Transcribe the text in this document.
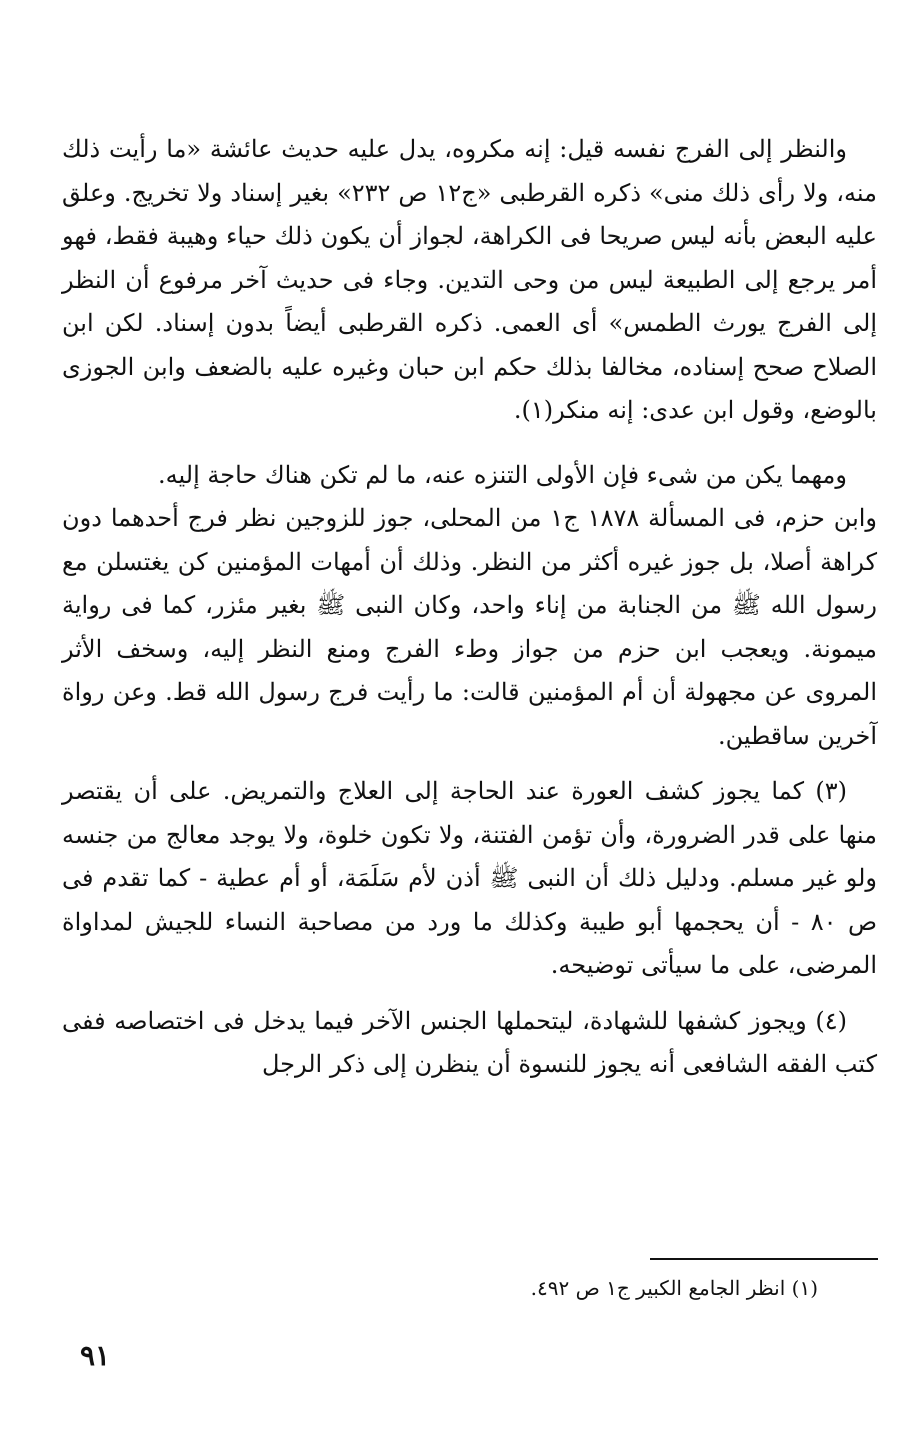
والنظر إلى الفرج نفسه قيل: إنه مكروه، يدل عليه حديث عائشة «ما رأيت ذلك منه، ولا رأى ذلك منى» ذكره القرطبى «ج١٢ ص ٢٣٢» بغير إسناد ولا تخريج. وعلق عليه البعض بأنه ليس صريحا فى الكراهة، لجواز أن يكون ذلك حياء وهيبة فقط، فهو أمر يرجع إلى الطبيعة ليس من وحى التدين. وجاء فى حديث آخر مرفوع أن النظر إلى الفرج يورث الطمس» أى العمى. ذكره القرطبى أيضاً بدون إسناد. لكن ابن الصلاح صحح إسناده، مخالفا بذلك حكم ابن حبان وغيره عليه بالضعف وابن الجوزى بالوضع، وقول ابن عدى: إنه منكر(١).

ومهما يكن من شىء فإن الأولى التنزه عنه، ما لم تكن هناك حاجة إليه.

وابن حزم، فى المسألة ١٨٧٨ ج١ من المحلى، جوز للزوجين نظر فرج أحدهما دون كراهة أصلا، بل جوز غيره أكثر من النظر. وذلك أن أمهات المؤمنين كن يغتسلن مع رسول الله ﷺ من الجنابة من إناء واحد، وكان النبى ﷺ بغير مئزر، كما فى رواية ميمونة. ويعجب ابن حزم من جواز وطء الفرج ومنع النظر إليه، وسخف الأثر المروى عن مجهولة أن أم المؤمنين قالت: ما رأيت فرج رسول الله قط. وعن رواة آخرين ساقطين.

(٣) كما يجوز كشف العورة عند الحاجة إلى العلاج والتمريض. على أن يقتصر منها على قدر الضرورة، وأن تؤمن الفتنة، ولا تكون خلوة، ولا يوجد معالج من جنسه ولو غير مسلم. ودليل ذلك أن النبى ﷺ أذن لأم سَلَمَة، أو أم عطية - كما تقدم فى ص ٨٠ - أن يحجمها أبو طيبة وكذلك ما ورد من مصاحبة النساء للجيش لمداواة المرضى، على ما سيأتى توضيحه.

(٤) ويجوز كشفها للشهادة، ليتحملها الجنس الآخر فيما يدخل فى اختصاصه ففى كتب الفقه الشافعى أنه يجوز للنسوة أن ينظرن إلى ذكر الرجل

(١) انظر الجامع الكبير ج١ ص ٤٩٢.
٩١
